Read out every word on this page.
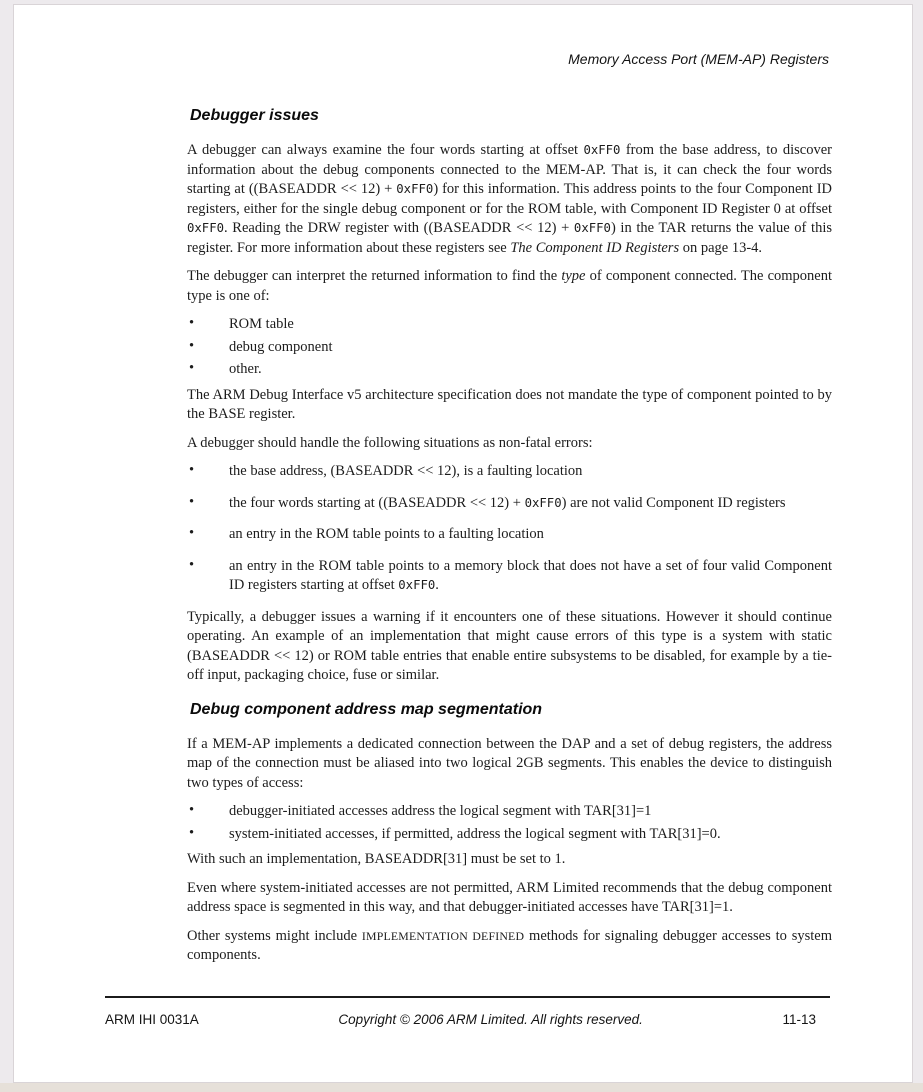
Memory Access Port (MEM-AP) Registers
Debugger issues

A debugger can always examine the four words starting at offset 0xFF0 from the base address, to discover information about the debug components connected to the MEM-AP. That is, it can check the four words starting at ((BASEADDR << 12) + 0xFF0) for this information. This address points to the four Component ID registers, either for the single debug component or for the ROM table, with Component ID Register 0 at offset 0xFF0. Reading the DRW register with ((BASEADDR << 12) + 0xFF0) in the TAR returns the value of this register. For more information about these registers see The Component ID Registers on page 13-4.

The debugger can interpret the returned information to find the type of component connected. The component type is one of:

• ROM table
• debug component
• other.

The ARM Debug Interface v5 architecture specification does not mandate the type of component pointed to by the BASE register.

A debugger should handle the following situations as non-fatal errors:

• the base address, (BASEADDR << 12), is a faulting location
• the four words starting at ((BASEADDR << 12) + 0xFF0) are not valid Component ID registers
• an entry in the ROM table points to a faulting location
• an entry in the ROM table points to a memory block that does not have a set of four valid Component ID registers starting at offset 0xFF0.

Typically, a debugger issues a warning if it encounters one of these situations. However it should continue operating. An example of an implementation that might cause errors of this type is a system with static (BASEADDR << 12) or ROM table entries that enable entire subsystems to be disabled, for example by a tie-off input, packaging choice, fuse or similar.

Debug component address map segmentation

If a MEM-AP implements a dedicated connection between the DAP and a set of debug registers, the address map of the connection must be aliased into two logical 2GB segments. This enables the device to distinguish two types of access:

• debugger-initiated accesses address the logical segment with TAR[31]=1
• system-initiated accesses, if permitted, address the logical segment with TAR[31]=0.

With such an implementation, BASEADDR[31] must be set to 1.

Even where system-initiated accesses are not permitted, ARM Limited recommends that the debug component address space is segmented in this way, and that debugger-initiated accesses have TAR[31]=1.

Other systems might include IMPLEMENTATION DEFINED methods for signaling debugger accesses to system components.

ARM IHI 0031A	Copyright © 2006 ARM Limited. All rights reserved.	11-13
